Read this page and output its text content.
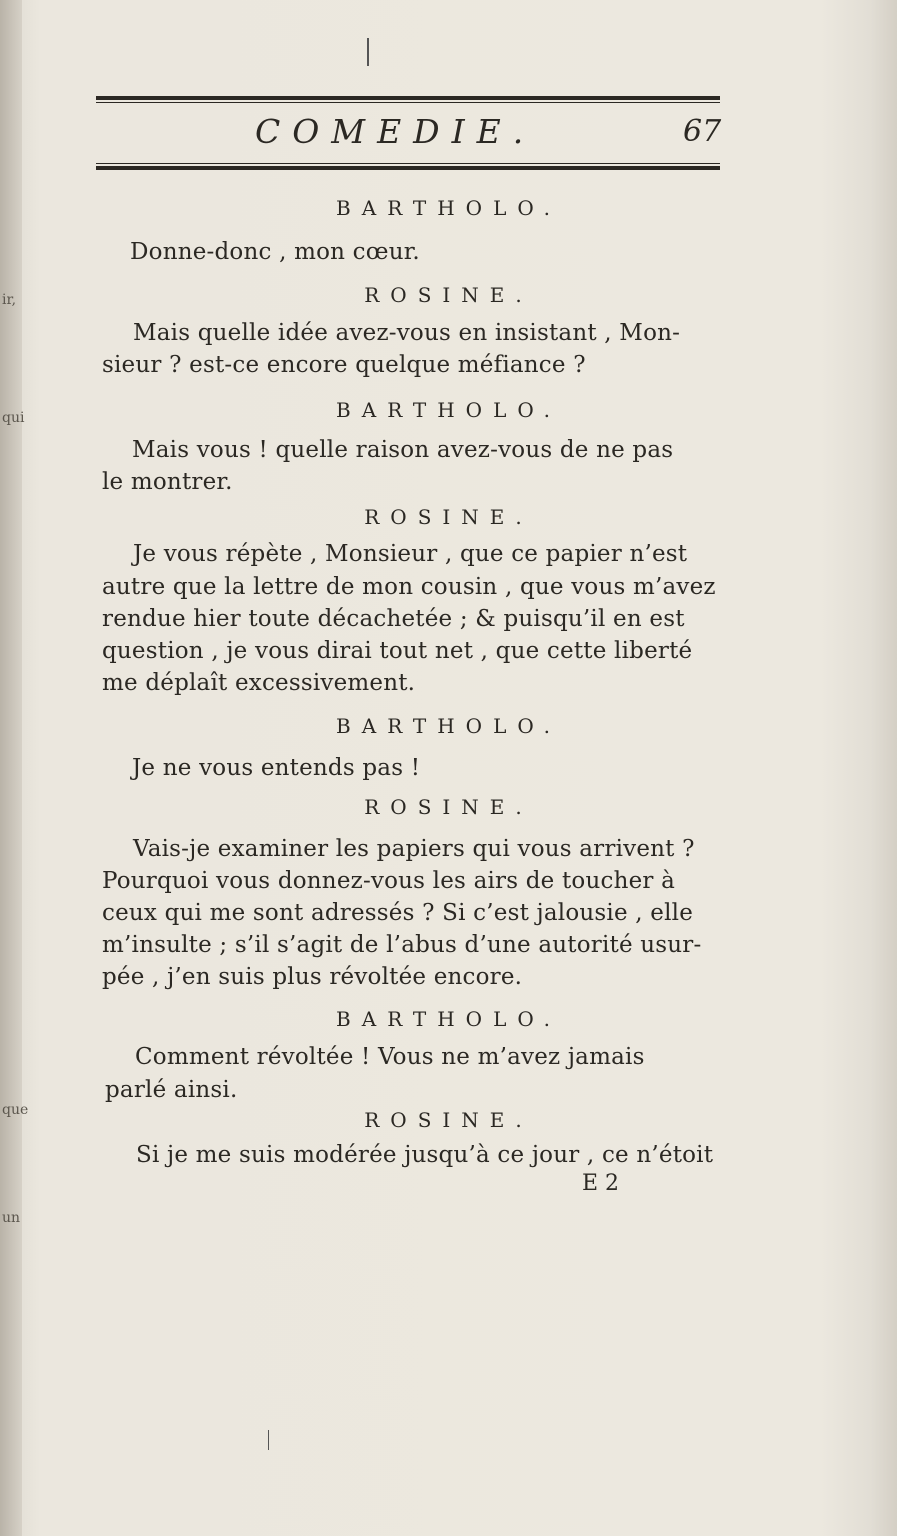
ir,
qui
que
un
COMEDIE.	67
BARTHOLO.
Donne-donc , mon cœur.
ROSINE.
Mais quelle idée avez-vous en insistant , Mon-
sieur ? est-ce encore quelque méfiance ?
BARTHOLO.
Mais vous ! quelle raison avez-vous de ne pas
le montrer.
ROSINE.
Je vous répète , Monsieur , que ce papier n’est
autre que la lettre de mon cousin , que vous m’avez
rendue hier toute décachetée ; & puisqu’il en est
question , je vous dirai tout net , que cette liberté
me déplaît excessivement.
BARTHOLO.
Je ne vous entends pas !
ROSINE.
Vais-je examiner les papiers qui vous arrivent ?
Pourquoi vous donnez-vous les airs de toucher à
ceux qui me sont adressés ? Si c’est jalousie , elle
m’insulte ; s’il s’agit de l’abus d’une autorité usur-
pée , j’en suis plus révoltée encore.
BARTHOLO.
Comment révoltée ! Vous ne m’avez jamais
parlé ainsi.
ROSINE.
Si je me suis modérée jusqu’à ce jour , ce n’étoit
E 2
